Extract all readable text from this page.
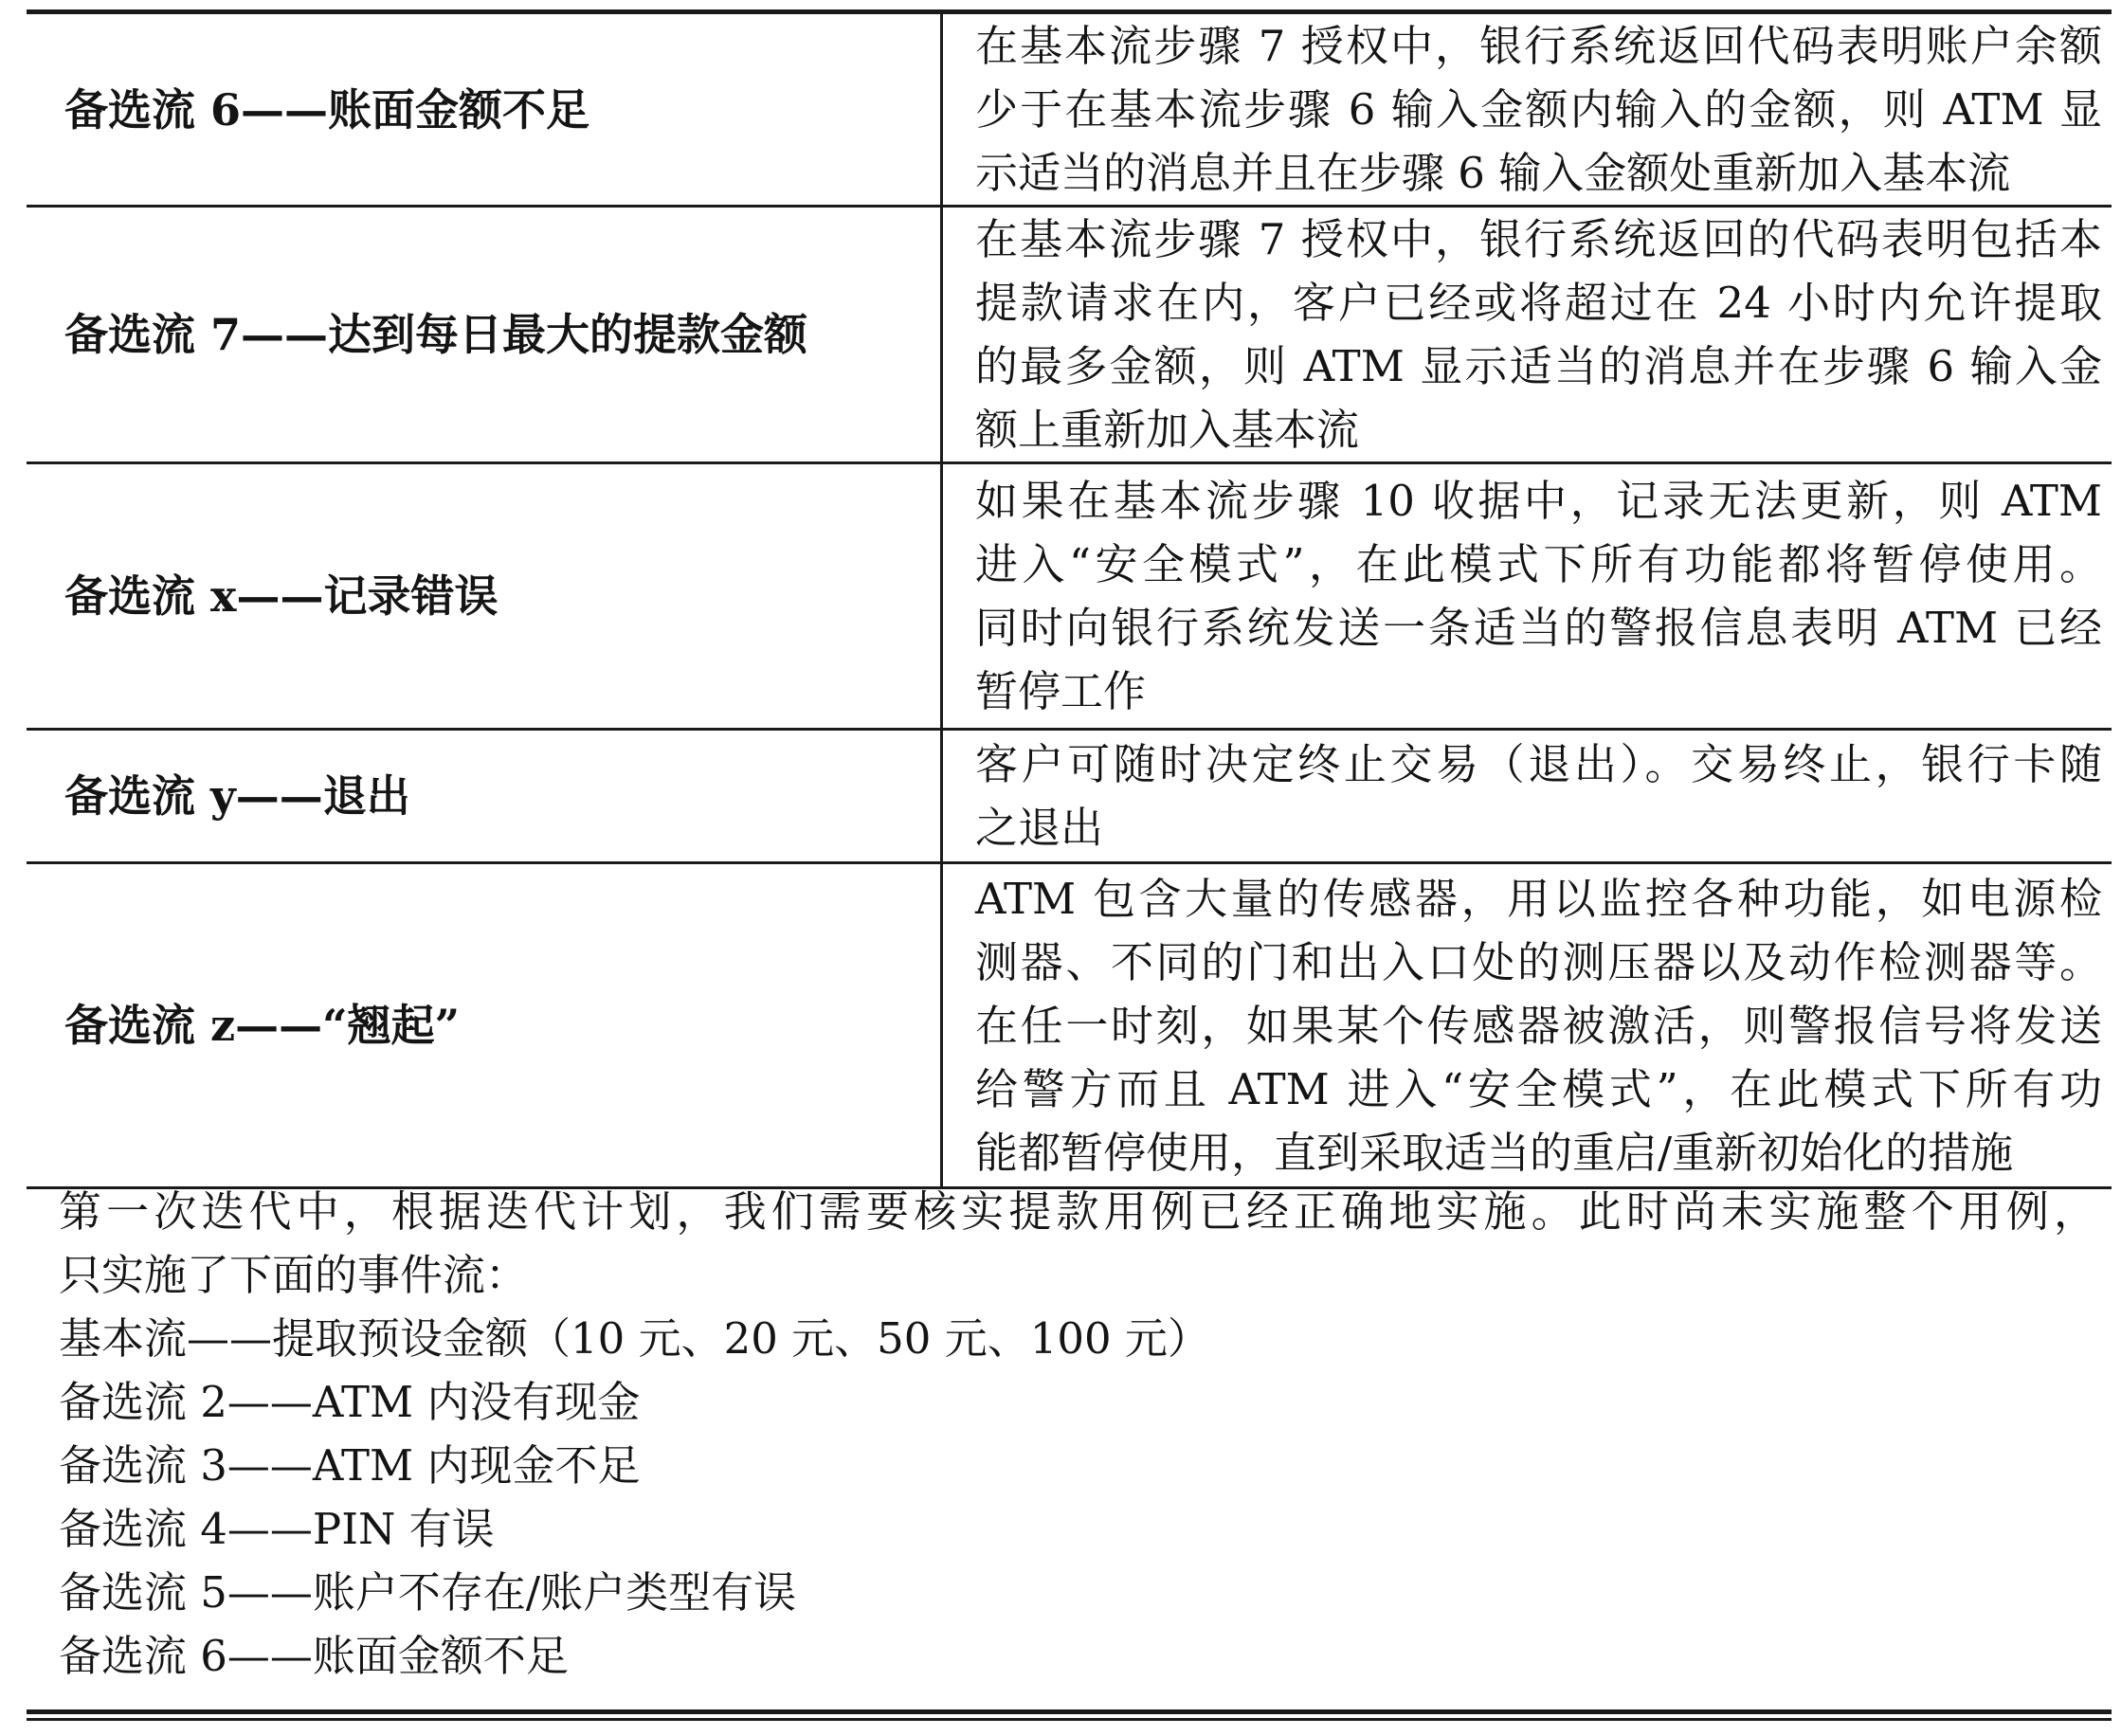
备选流 6——账面金额不足	在基本流步骤 7 授权中，银行系统返回代码表明账户余额
少于在基本流步骤 6 输入金额内输入的金额，则 ATM 显
示适当的消息并且在步骤 6 输入金额处重新加入基本流

备选流 7——达到每日最大的提款金额	在基本流步骤 7 授权中，银行系统返回的代码表明包括本
提款请求在内，客户已经或将超过在 24 小时内允许提取
的最多金额，则 ATM 显示适当的消息并在步骤 6 输入金
额上重新加入基本流

备选流 x——记录错误	如果在基本流步骤 10 收据中，记录无法更新，则 ATM
进入“安全模式”，在此模式下所有功能都将暂停使用。
同时向银行系统发送一条适当的警报信息表明 ATM 已经
暂停工作

备选流 y——退出	客户可随时决定终止交易（退出）。交易终止，银行卡随
之退出

备选流 z——“翘起”	ATM 包含大量的传感器，用以监控各种功能，如电源检
测器、不同的门和出入口处的测压器以及动作检测器等。
在任一时刻，如果某个传感器被激活，则警报信号将发送
给警方而且 ATM 进入“安全模式”，在此模式下所有功
能都暂停使用，直到采取适当的重启/重新初始化的措施
第一次迭代中，根据迭代计划，我们需要核实提款用例已经正确地实施。此时尚未实施整个用例，
只实施了下面的事件流：
基本流——提取预设金额（10 元、20 元、50 元、100 元）
备选流 2——ATM 内没有现金
备选流 3——ATM 内现金不足
备选流 4——PIN 有误
备选流 5——账户不存在/账户类型有误
备选流 6——账面金额不足
